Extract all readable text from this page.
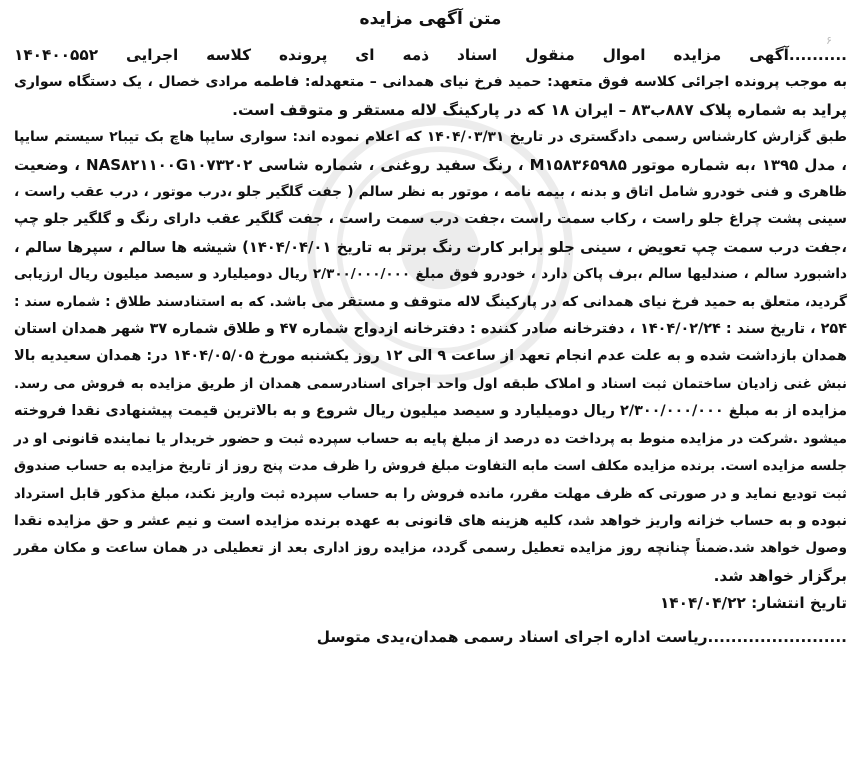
۶
متن آگهی مزایده
..........آگهی مزایده اموال منقول اسناد ذمه ای پرونده کلاسه اجرایی ۱۴۰۴۰۰۵۵۲
به موجب پرونده اجرائی کلاسه فوق متعهد: حمید فرخ نیای همدانی – متعهدله: فاطمه مرادی خصال ، یک دستگاه سواری
پراید به شماره پلاک ۸۸۷ب۸۳ – ایران ۱۸ که در پارکینگ لاله مستقر و متوقف است.
طبق گزارش کارشناس رسمی دادگستری در تاریخ ۱۴۰۴/۰۳/۳۱ که اعلام نموده اند: سواری سایپا هاچ بک تیبا۲ سیستم سایپا
، مدل ۱۳۹۵ ،به شماره موتور M۱۵۸۳۶۵۹۸۵ ، رنگ سفید روغنی ، شماره شاسی NAS۸۲۱۱۰۰G۱۰۷۳۲۰۲ ، وضعیت
ظاهری و فنی خودرو شامل اتاق و بدنه ، بیمه نامه ، موتور به نظر سالم ( جفت گلگیر جلو ،درب موتور ، درب عقب راست ،
سینی پشت چراغ جلو راست ، رکاب سمت راست ،جفت درب سمت راست ، جفت گلگیر عقب دارای رنگ و گلگیر جلو چپ
،جفت درب سمت چپ تعویض ، سینی جلو برابر کارت رنگ برتر به تاریخ ۱۴۰۴/۰۴/۰۱) شیشه ها سالم ، سپرها سالم ،
داشبورد سالم ، صندلیها سالم ،برف پاکن دارد ، خودرو فوق مبلغ ۲/۳۰۰/۰۰۰/۰۰۰ ریال دومیلیارد و سیصد میلیون ریال ارزیابی
گردید، متعلق به حمید فرخ نیای همدانی که در پارکینگ لاله متوقف و مستقر می باشد. که به استنادسند طلاق : شماره سند :
۲۵۴ ، تاریخ سند : ۱۴۰۴/۰۲/۲۴ ، دفترخانه صادر کننده : دفترخانه ازدواج شماره ۴۷ و طلاق شماره ۳۷ شهر همدان استان
همدان بازداشت شده و به علت عدم انجام تعهد از ساعت ۹ الی ۱۲ روز یکشنبه مورخ ۱۴۰۴/۰۵/۰۵ در: همدان سعیدیه بالا
نبش غنی زادیان ساختمان ثبت اسناد و املاک طبقه اول واحد اجرای اسنادرسمی همدان از طریق مزایده به فروش می رسد.
مزایده از به مبلغ ۲/۳۰۰/۰۰۰/۰۰۰ ریال دومیلیارد و سیصد میلیون ریال شروع و به بالاترین قیمت پیشنهادی نقدا فروخته
میشود .شرکت در مزایده منوط به پرداخت ده درصد از مبلغ پایه به حساب سپرده ثبت و حضور خریدار یا نماینده قانونی او در
جلسه مزایده است. برنده مزایده مکلف است مابه التفاوت مبلغ فروش را ظرف مدت پنج روز از تاریخ مزایده به حساب صندوق
ثبت تودیع نماید و در صورتی که ظرف مهلت مقرر، مانده فروش را به حساب سپرده ثبت واریز نکند، مبلغ مذکور قابل استرداد
نبوده و به حساب خزانه واریز خواهد شد، کلیه هزینه های قانونی به عهده برنده مزایده است و نیم عشر و حق مزایده نقدا
وصول خواهد شد.ضمناً چنانچه روز مزایده تعطیل رسمی گردد، مزایده روز اداری بعد از تعطیلی در همان ساعت و مکان مقرر
برگزار خواهد شد.
تاریخ انتشار: ۱۴۰۴/۰۴/۲۲
........................ریاست اداره اجرای اسناد رسمی همدان،یدی متوسل
